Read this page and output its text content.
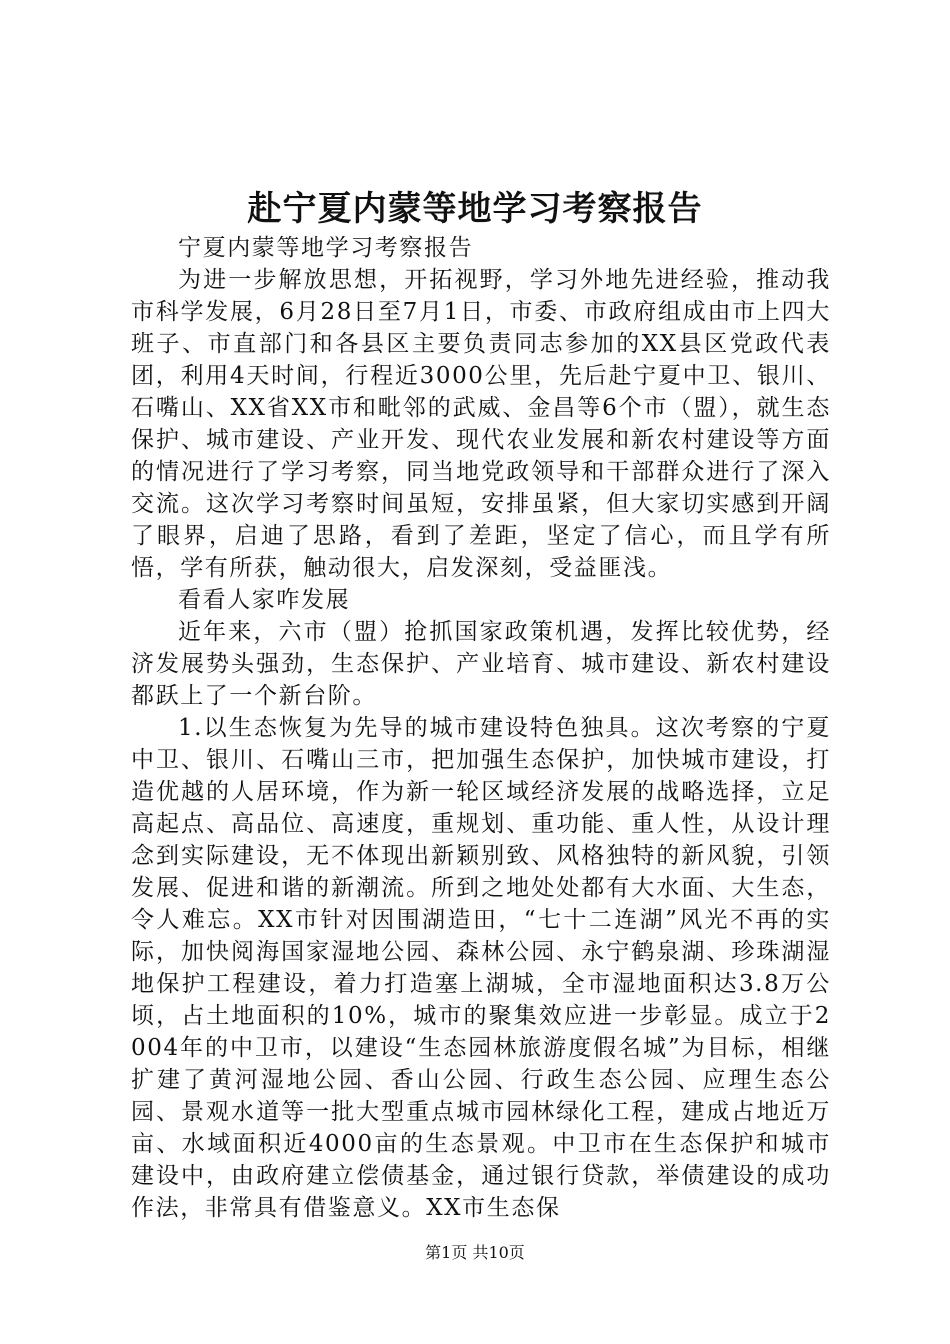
赴宁夏内蒙等地学习考察报告

宁夏内蒙等地学习考察报告

为进一步解放思想，开拓视野，学习外地先进经验，推动我市科学发展，6月28日至7月1日，市委、市政府组成由市上四大班子、市直部门和各县区主要负责同志参加的XX县区党政代表团，利用4天时间，行程近3000公里，先后赴宁夏中卫、银川、石嘴山、XX省XX市和毗邻的武威、金昌等6个市（盟），就生态保护、城市建设、产业开发、现代农业发展和新农村建设等方面的情况进行了学习考察，同当地党政领导和干部群众进行了深入交流。这次学习考察时间虽短，安排虽紧，但大家切实感到开阔了眼界，启迪了思路，看到了差距，坚定了信心，而且学有所悟，学有所获，触动很大，启发深刻，受益匪浅。

看看人家咋发展

近年来，六市（盟）抢抓国家政策机遇，发挥比较优势，经济发展势头强劲，生态保护、产业培育、城市建设、新农村建设都跃上了一个新台阶。

1.以生态恢复为先导的城市建设特色独具。这次考察的宁夏中卫、银川、石嘴山三市，把加强生态保护，加快城市建设，打造优越的人居环境，作为新一轮区域经济发展的战略选择，立足高起点、高品位、高速度，重规划、重功能、重人性，从设计理念到实际建设，无不体现出新颖别致、风格独特的新风貌，引领发展、促进和谐的新潮流。所到之地处处都有大水面、大生态，令人难忘。XX市针对因围湖造田，“七十二连湖”风光不再的实际，加快阅海国家湿地公园、森林公园、永宁鹤泉湖、珍珠湖湿地保护工程建设，着力打造塞上湖城，全市湿地面积达3.8万公顷，占土地面积的10%，城市的聚集效应进一步彰显。成立于2004年的中卫市，以建设“生态园林旅游度假名城”为目标，相继扩建了黄河湿地公园、香山公园、行政生态公园、应理生态公园、景观水道等一批大型重点城市园林绿化工程，建成占地近万亩、水域面积近4000亩的生态景观。中卫市在生态保护和城市建设中，由政府建立偿债基金，通过银行贷款，举债建设的成功作法，非常具有借鉴意义。XX市生态保

第1页 共10页
